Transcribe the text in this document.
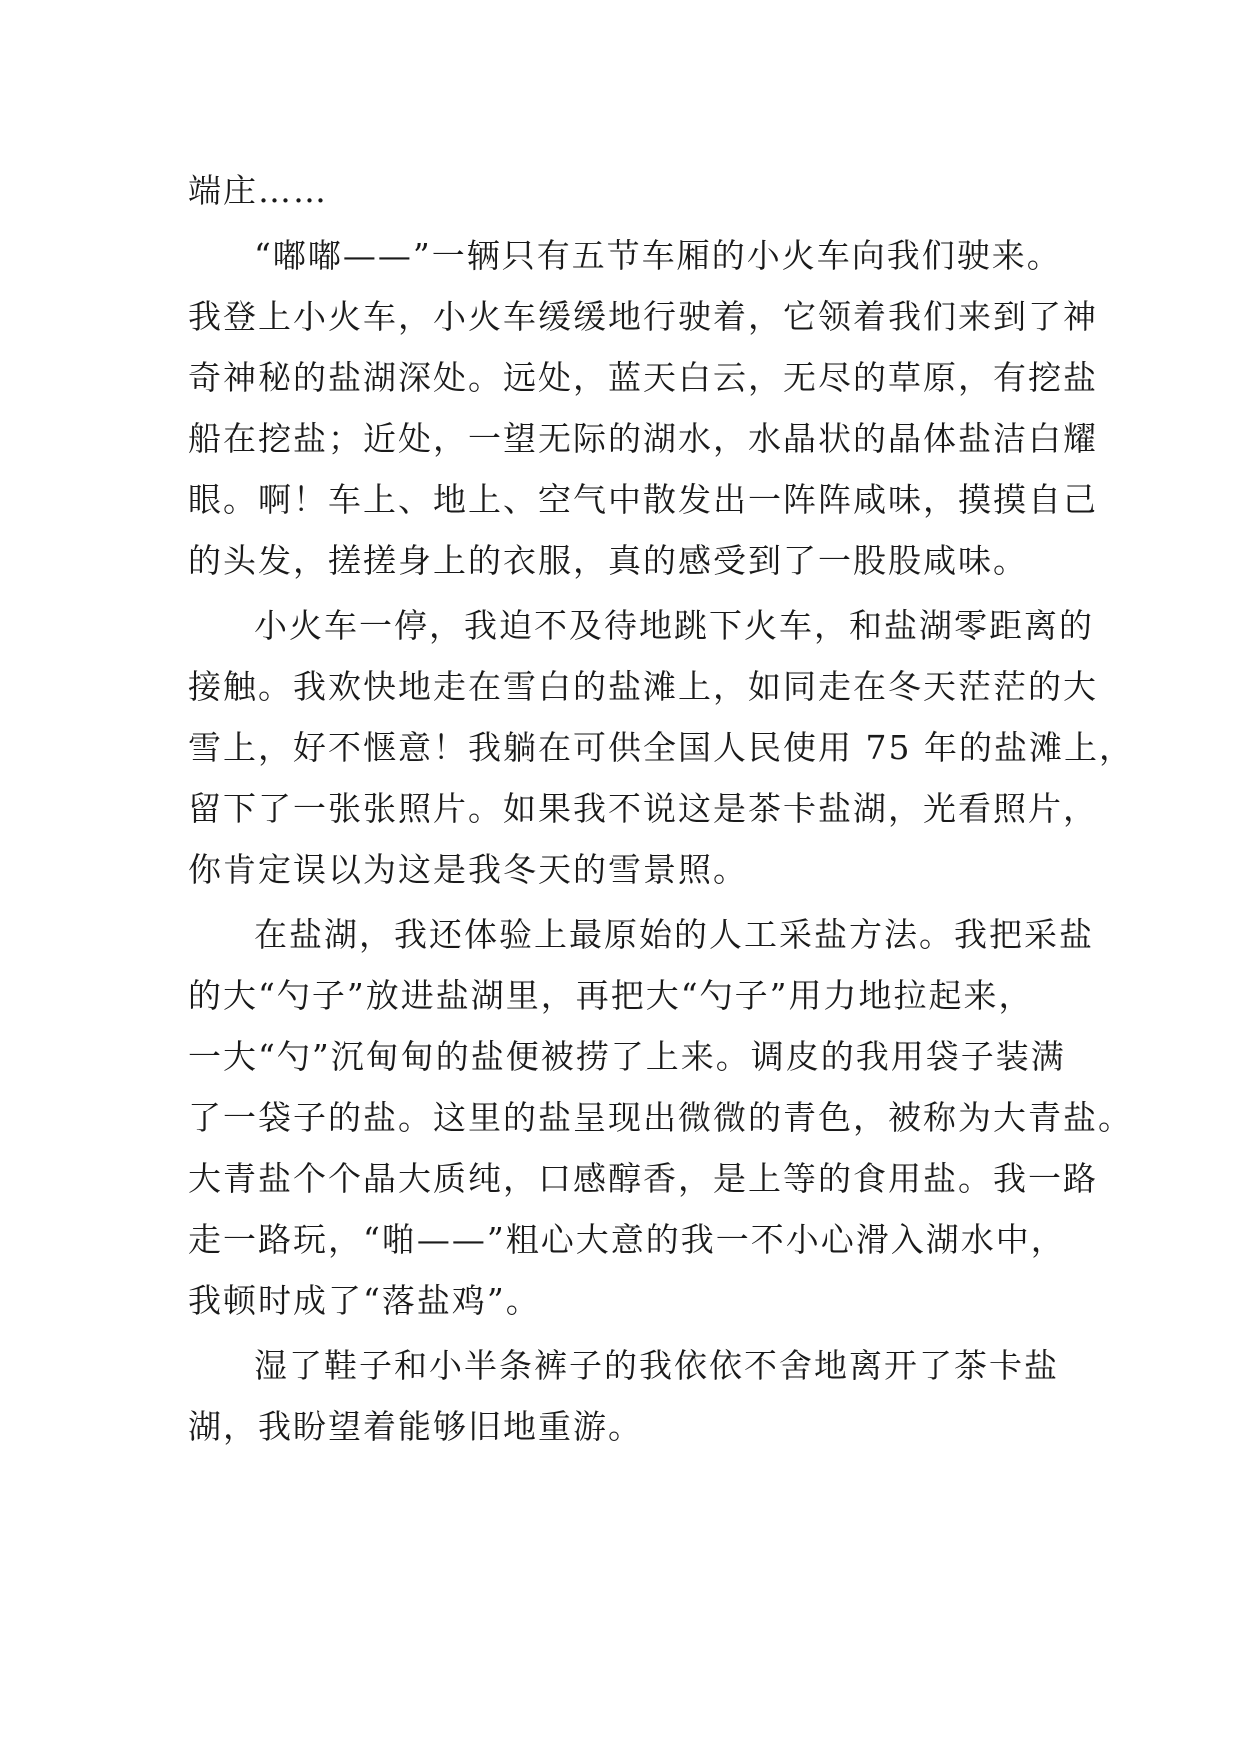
端庄……

“嘟嘟——”一辆只有五节车厢的小火车向我们驶来。
我登上小火车，小火车缓缓地行驶着，它领着我们来到了神
奇神秘的盐湖深处。远处，蓝天白云，无尽的草原，有挖盐
船在挖盐；近处，一望无际的湖水，水晶状的晶体盐洁白耀
眼。啊！车上、地上、空气中散发出一阵阵咸味，摸摸自己
的头发，搓搓身上的衣服，真的感受到了一股股咸味。

小火车一停，我迫不及待地跳下火车，和盐湖零距离的
接触。我欢快地走在雪白的盐滩上，如同走在冬天茫茫的大
雪上，好不惬意！我躺在可供全国人民使用 75 年的盐滩上，
留下了一张张照片。如果我不说这是茶卡盐湖，光看照片，
你肯定误以为这是我冬天的雪景照。

在盐湖，我还体验上最原始的人工采盐方法。我把采盐
的大“勺子”放进盐湖里，再把大“勺子”用力地拉起来，
一大“勺”沉甸甸的盐便被捞了上来。调皮的我用袋子装满
了一袋子的盐。这里的盐呈现出微微的青色，被称为大青盐。
大青盐个个晶大质纯，口感醇香，是上等的食用盐。我一路
走一路玩，“啪——”粗心大意的我一不小心滑入湖水中，
我顿时成了“落盐鸡”。

湿了鞋子和小半条裤子的我依依不舍地离开了茶卡盐
湖，我盼望着能够旧地重游。
